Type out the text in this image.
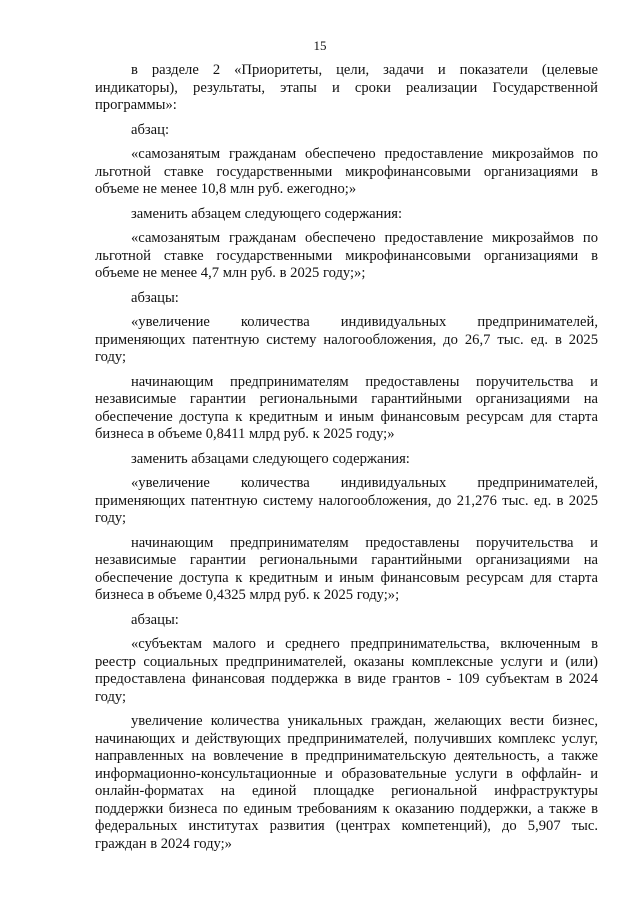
15

в разделе 2 «Приоритеты, цели, задачи и показатели (целевые индикаторы), результаты, этапы и сроки реализации Государственной программы»:

абзац:

«самозанятым гражданам обеспечено предоставление микрозаймов по льготной ставке государственными микрофинансовыми организациями в объеме не менее 10,8 млн руб. ежегодно;»

заменить абзацем следующего содержания:

«самозанятым гражданам обеспечено предоставление микрозаймов по льготной ставке государственными микрофинансовыми организациями в объеме не менее 4,7 млн руб. в 2025 году;»;

абзацы:

«увеличение количества индивидуальных предпринимателей, применяющих патентную систему налогообложения, до 26,7 тыс. ед. в 2025 году;

начинающим предпринимателям предоставлены поручительства и независимые гарантии региональными гарантийными организациями на обеспечение доступа к кредитным и иным финансовым ресурсам для старта бизнеса в объеме 0,8411 млрд руб. к 2025 году;»

заменить абзацами следующего содержания:

«увеличение количества индивидуальных предпринимателей, применяющих патентную систему налогообложения, до 21,276 тыс. ед. в 2025 году;

начинающим предпринимателям предоставлены поручительства и независимые гарантии региональными гарантийными организациями на обеспечение доступа к кредитным и иным финансовым ресурсам для старта бизнеса в объеме 0,4325 млрд руб. к 2025 году;»;

абзацы:

«субъектам малого и среднего предпринимательства, включенным в реестр социальных предпринимателей, оказаны комплексные услуги и (или) предоставлена финансовая поддержка в виде грантов - 109 субъектам в 2024 году;

увеличение количества уникальных граждан, желающих вести бизнес, начинающих и действующих предпринимателей, получивших комплекс услуг, направленных на вовлечение в предпринимательскую деятельность, а также информационно-консультационные и образовательные услуги в оффлайн- и онлайн-форматах на единой площадке региональной инфраструктуры поддержки бизнеса по единым требованиям к оказанию поддержки, а также в федеральных институтах развития (центрах компетенций), до 5,907 тыс. граждан в 2024 году;»
